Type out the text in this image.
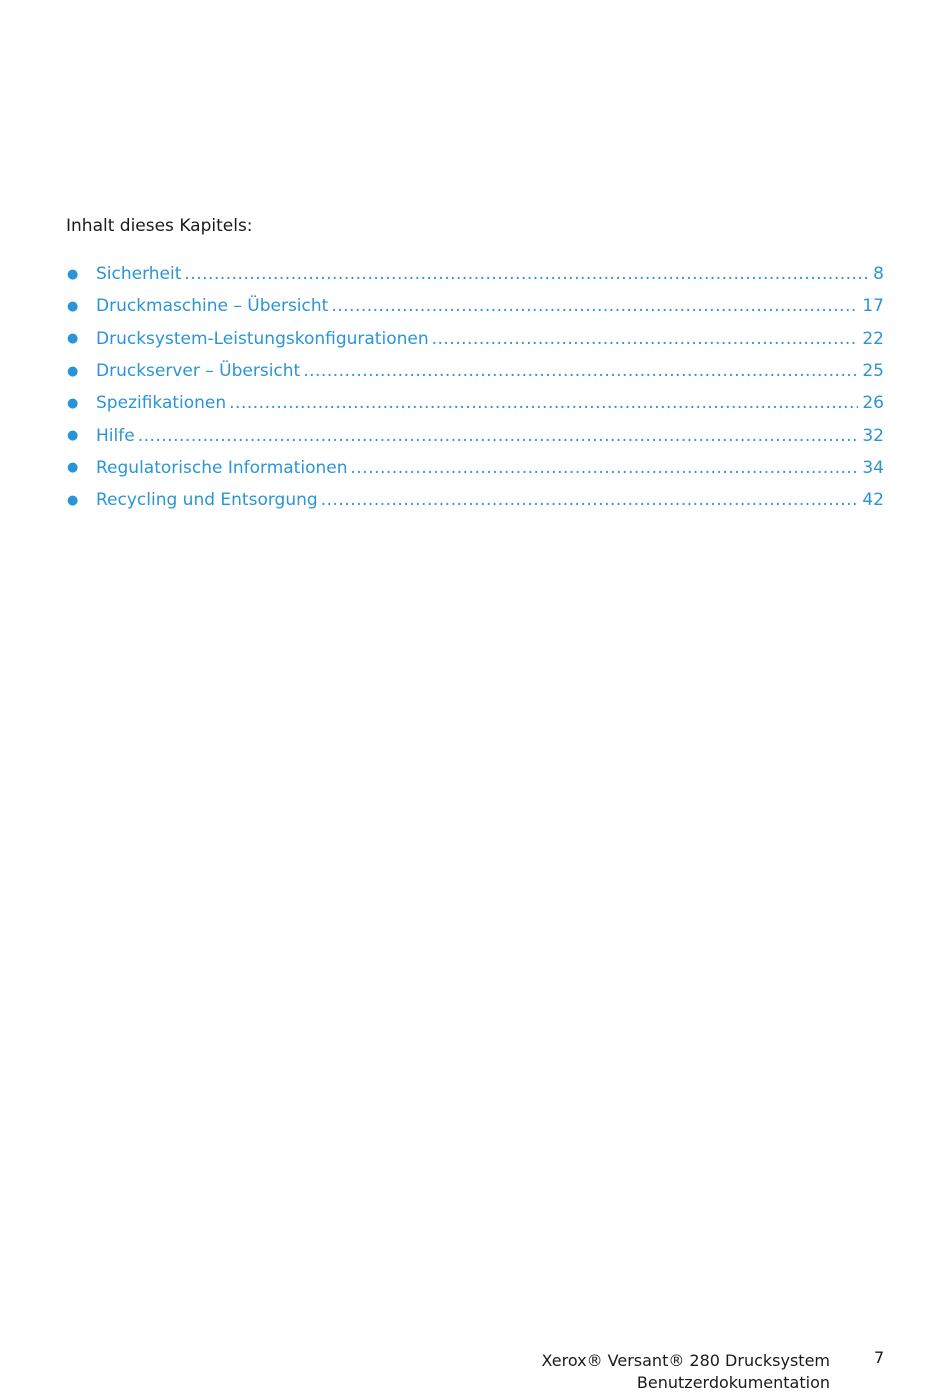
Inhalt dieses Kapitels:
●	Sicherheit .....	8
●	Druckmaschine – Übersicht .....	17
●	Drucksystem-Leistungskonfigurationen .....	22
●	Druckserver – Übersicht .....	25
●	Spezifikationen .....	26
●	Hilfe .....	32
●	Regulatorische Informationen .....	34
●	Recycling und Entsorgung .....	42
Xerox® Versant® 280 Drucksystem
Benutzerdokumentation
7
